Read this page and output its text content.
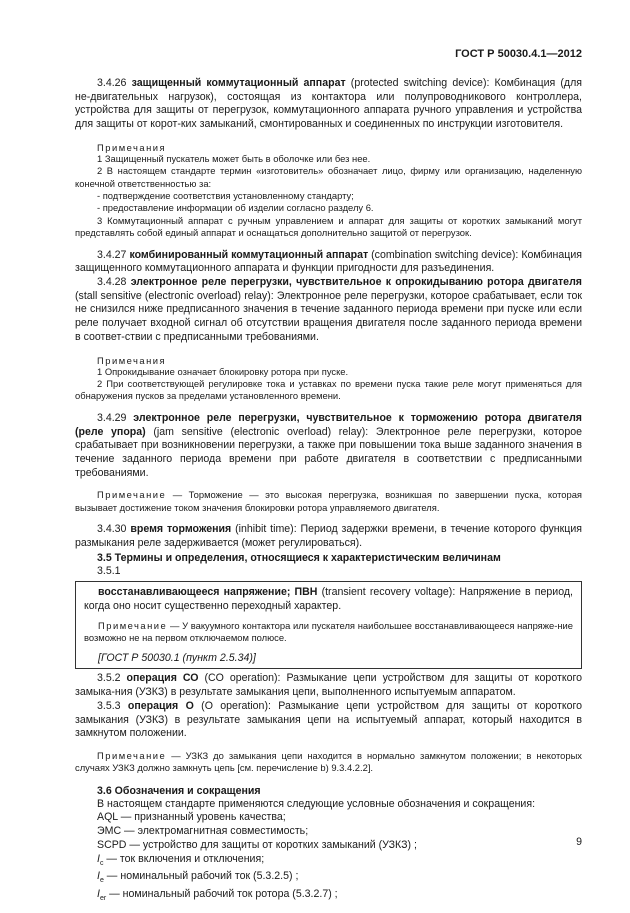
ГОСТ Р 50030.4.1—2012

3.4.26 защищенный коммутационный аппарат (protected switching device): Комбинация (для не-двигательных нагрузок), состоящая из контактора или полупроводникового контроллера, устройства для защиты от перегрузок, коммутационного аппарата ручного управления и устройства для защиты от корот-ких замыканий, смонтированных и соединенных по инструкции изготовителя.

Примечания

1 Защищенный пускатель может быть в оболочке или без нее.

2 В настоящем стандарте термин «изготовитель» обозначает лицо, фирму или организацию, наделенную конечной ответственностью за:

- подтверждение соответствия установленному стандарту;

- предоставление информации об изделии согласно разделу 6.

3 Коммутационный аппарат с ручным управлением и аппарат для защиты от коротких замыканий могут представлять собой единый аппарат и оснащаться дополнительно защитой от перегрузок.

3.4.27 комбинированный коммутационный аппарат (combination switching device): Комбинация защищенного коммутационного аппарата и функции пригодности для разъединения.

3.4.28 электронное реле перегрузки, чувствительное к опрокидыванию ротора двигателя (stall sensitive (electronic overload) relay): Электронное реле перегрузки, которое срабатывает, если ток не снизился ниже предписанного значения в течение заданного периода времени при пуске или если реле получает входной сигнал об отсутствии вращения двигателя после заданного периода времени в соответ-ствии с предписанными требованиями.

Примечания

1 Опрокидывание означает блокировку ротора при пуске.

2 При соответствующей регулировке тока и уставках по времени пуска такие реле могут применяться для обнаружения пусков за пределами установленного времени.

3.4.29 электронное реле перегрузки, чувствительное к торможению ротора двигателя (реле упора) (jam sensitive (electronic overload) relay): Электронное реле перегрузки, которое срабатывает при возникновении перегрузки, а также при повышении тока выше заданного значения в течение заданного периода времени при работе двигателя в соответствии с предписанными требованиями.

Примечание — Торможение — это высокая перегрузка, возникшая по завершении пуска, которая вызывает достижение током значения блокировки ротора управляемого двигателя.

3.4.30 время торможения (inhibit time): Период задержки времени, в течение которого функция размыкания реле задерживается (может регулироваться).

3.5 Термины и определения, относящиеся к характеристическим величинам

3.5.1

восстанавливающееся напряжение; ПВН (transient recovery voltage): Напряжение в период, когда оно носит существенно переходный характер.

Примечание — У вакуумного контактора или пускателя наибольшее восстанавливающееся напряже-ние возможно не на первом отключаемом полюсе.

[ГОСТ Р 50030.1 (пункт 2.5.34)]

3.5.2 операция СО (CO operation): Размыкание цепи устройством для защиты от короткого замыка-ния (УЗКЗ) в результате замыкания цепи, выполненного испытуемым аппаратом.

3.5.3 операция О (O operation): Размыкание цепи устройством для защиты от короткого замыкания (УЗКЗ) в результате замыкания цепи на испытуемый аппарат, который находится в замкнутом положении.

Примечание — УЗКЗ до замыкания цепи находится в нормально замкнутом положении; в некоторых случаях УЗКЗ должно замкнуть цепь [см. перечисление b) 9.3.4.2.2].

3.6 Обозначения и сокращения

В настоящем стандарте применяются следующие условные обозначения и сокращения:

AQL — признанный уровень качества;

ЭМС — электромагнитная совместимость;

SCPD — устройство для защиты от коротких замыканий (УЗКЗ) ;

$I_c$ — ток включения и отключения;

$I_e$ — номинальный рабочий ток (5.3.2.5) ;

$I_{er}$ — номинальный рабочий ток ротора (5.3.2.7) ;

9
